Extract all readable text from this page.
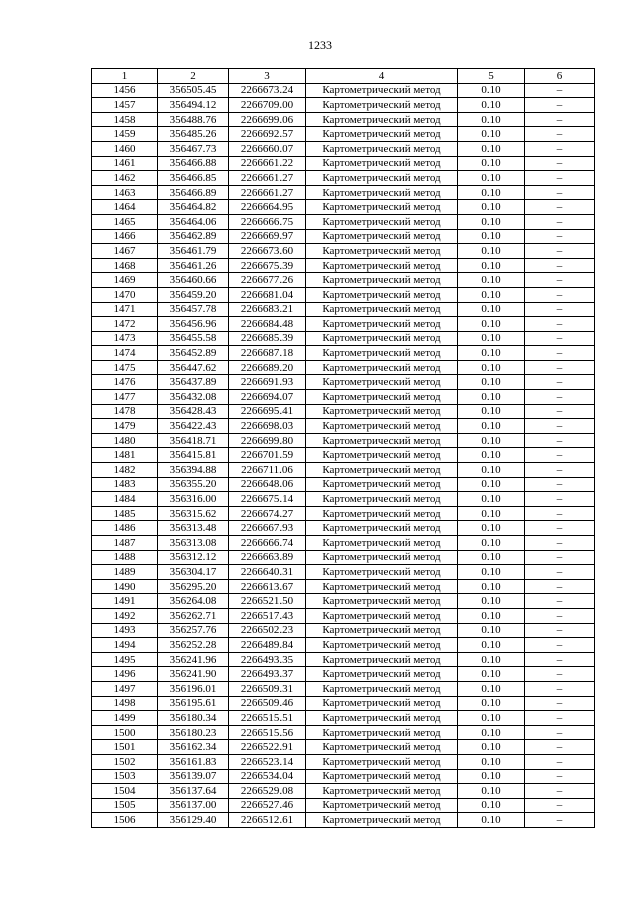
1233
1	2	3	4	5	6
1456	356505.45	2266673.24	Картометрический метод	0.10	–
1457	356494.12	2266709.00	Картометрический метод	0.10	–
1458	356488.76	2266699.06	Картометрический метод	0.10	–
1459	356485.26	2266692.57	Картометрический метод	0.10	–
1460	356467.73	2266660.07	Картометрический метод	0.10	–
1461	356466.88	2266661.22	Картометрический метод	0.10	–
1462	356466.85	2266661.27	Картометрический метод	0.10	–
1463	356466.89	2266661.27	Картометрический метод	0.10	–
1464	356464.82	2266664.95	Картометрический метод	0.10	–
1465	356464.06	2266666.75	Картометрический метод	0.10	–
1466	356462.89	2266669.97	Картометрический метод	0.10	–
1467	356461.79	2266673.60	Картометрический метод	0.10	–
1468	356461.26	2266675.39	Картометрический метод	0.10	–
1469	356460.66	2266677.26	Картометрический метод	0.10	–
1470	356459.20	2266681.04	Картометрический метод	0.10	–
1471	356457.78	2266683.21	Картометрический метод	0.10	–
1472	356456.96	2266684.48	Картометрический метод	0.10	–
1473	356455.58	2266685.39	Картометрический метод	0.10	–
1474	356452.89	2266687.18	Картометрический метод	0.10	–
1475	356447.62	2266689.20	Картометрический метод	0.10	–
1476	356437.89	2266691.93	Картометрический метод	0.10	–
1477	356432.08	2266694.07	Картометрический метод	0.10	–
1478	356428.43	2266695.41	Картометрический метод	0.10	–
1479	356422.43	2266698.03	Картометрический метод	0.10	–
1480	356418.71	2266699.80	Картометрический метод	0.10	–
1481	356415.81	2266701.59	Картометрический метод	0.10	–
1482	356394.88	2266711.06	Картометрический метод	0.10	–
1483	356355.20	2266648.06	Картометрический метод	0.10	–
1484	356316.00	2266675.14	Картометрический метод	0.10	–
1485	356315.62	2266674.27	Картометрический метод	0.10	–
1486	356313.48	2266667.93	Картометрический метод	0.10	–
1487	356313.08	2266666.74	Картометрический метод	0.10	–
1488	356312.12	2266663.89	Картометрический метод	0.10	–
1489	356304.17	2266640.31	Картометрический метод	0.10	–
1490	356295.20	2266613.67	Картометрический метод	0.10	–
1491	356264.08	2266521.50	Картометрический метод	0.10	–
1492	356262.71	2266517.43	Картометрический метод	0.10	–
1493	356257.76	2266502.23	Картометрический метод	0.10	–
1494	356252.28	2266489.84	Картометрический метод	0.10	–
1495	356241.96	2266493.35	Картометрический метод	0.10	–
1496	356241.90	2266493.37	Картометрический метод	0.10	–
1497	356196.01	2266509.31	Картометрический метод	0.10	–
1498	356195.61	2266509.46	Картометрический метод	0.10	–
1499	356180.34	2266515.51	Картометрический метод	0.10	–
1500	356180.23	2266515.56	Картометрический метод	0.10	–
1501	356162.34	2266522.91	Картометрический метод	0.10	–
1502	356161.83	2266523.14	Картометрический метод	0.10	–
1503	356139.07	2266534.04	Картометрический метод	0.10	–
1504	356137.64	2266529.08	Картометрический метод	0.10	–
1505	356137.00	2266527.46	Картометрический метод	0.10	–
1506	356129.40	2266512.61	Картометрический метод	0.10	–
